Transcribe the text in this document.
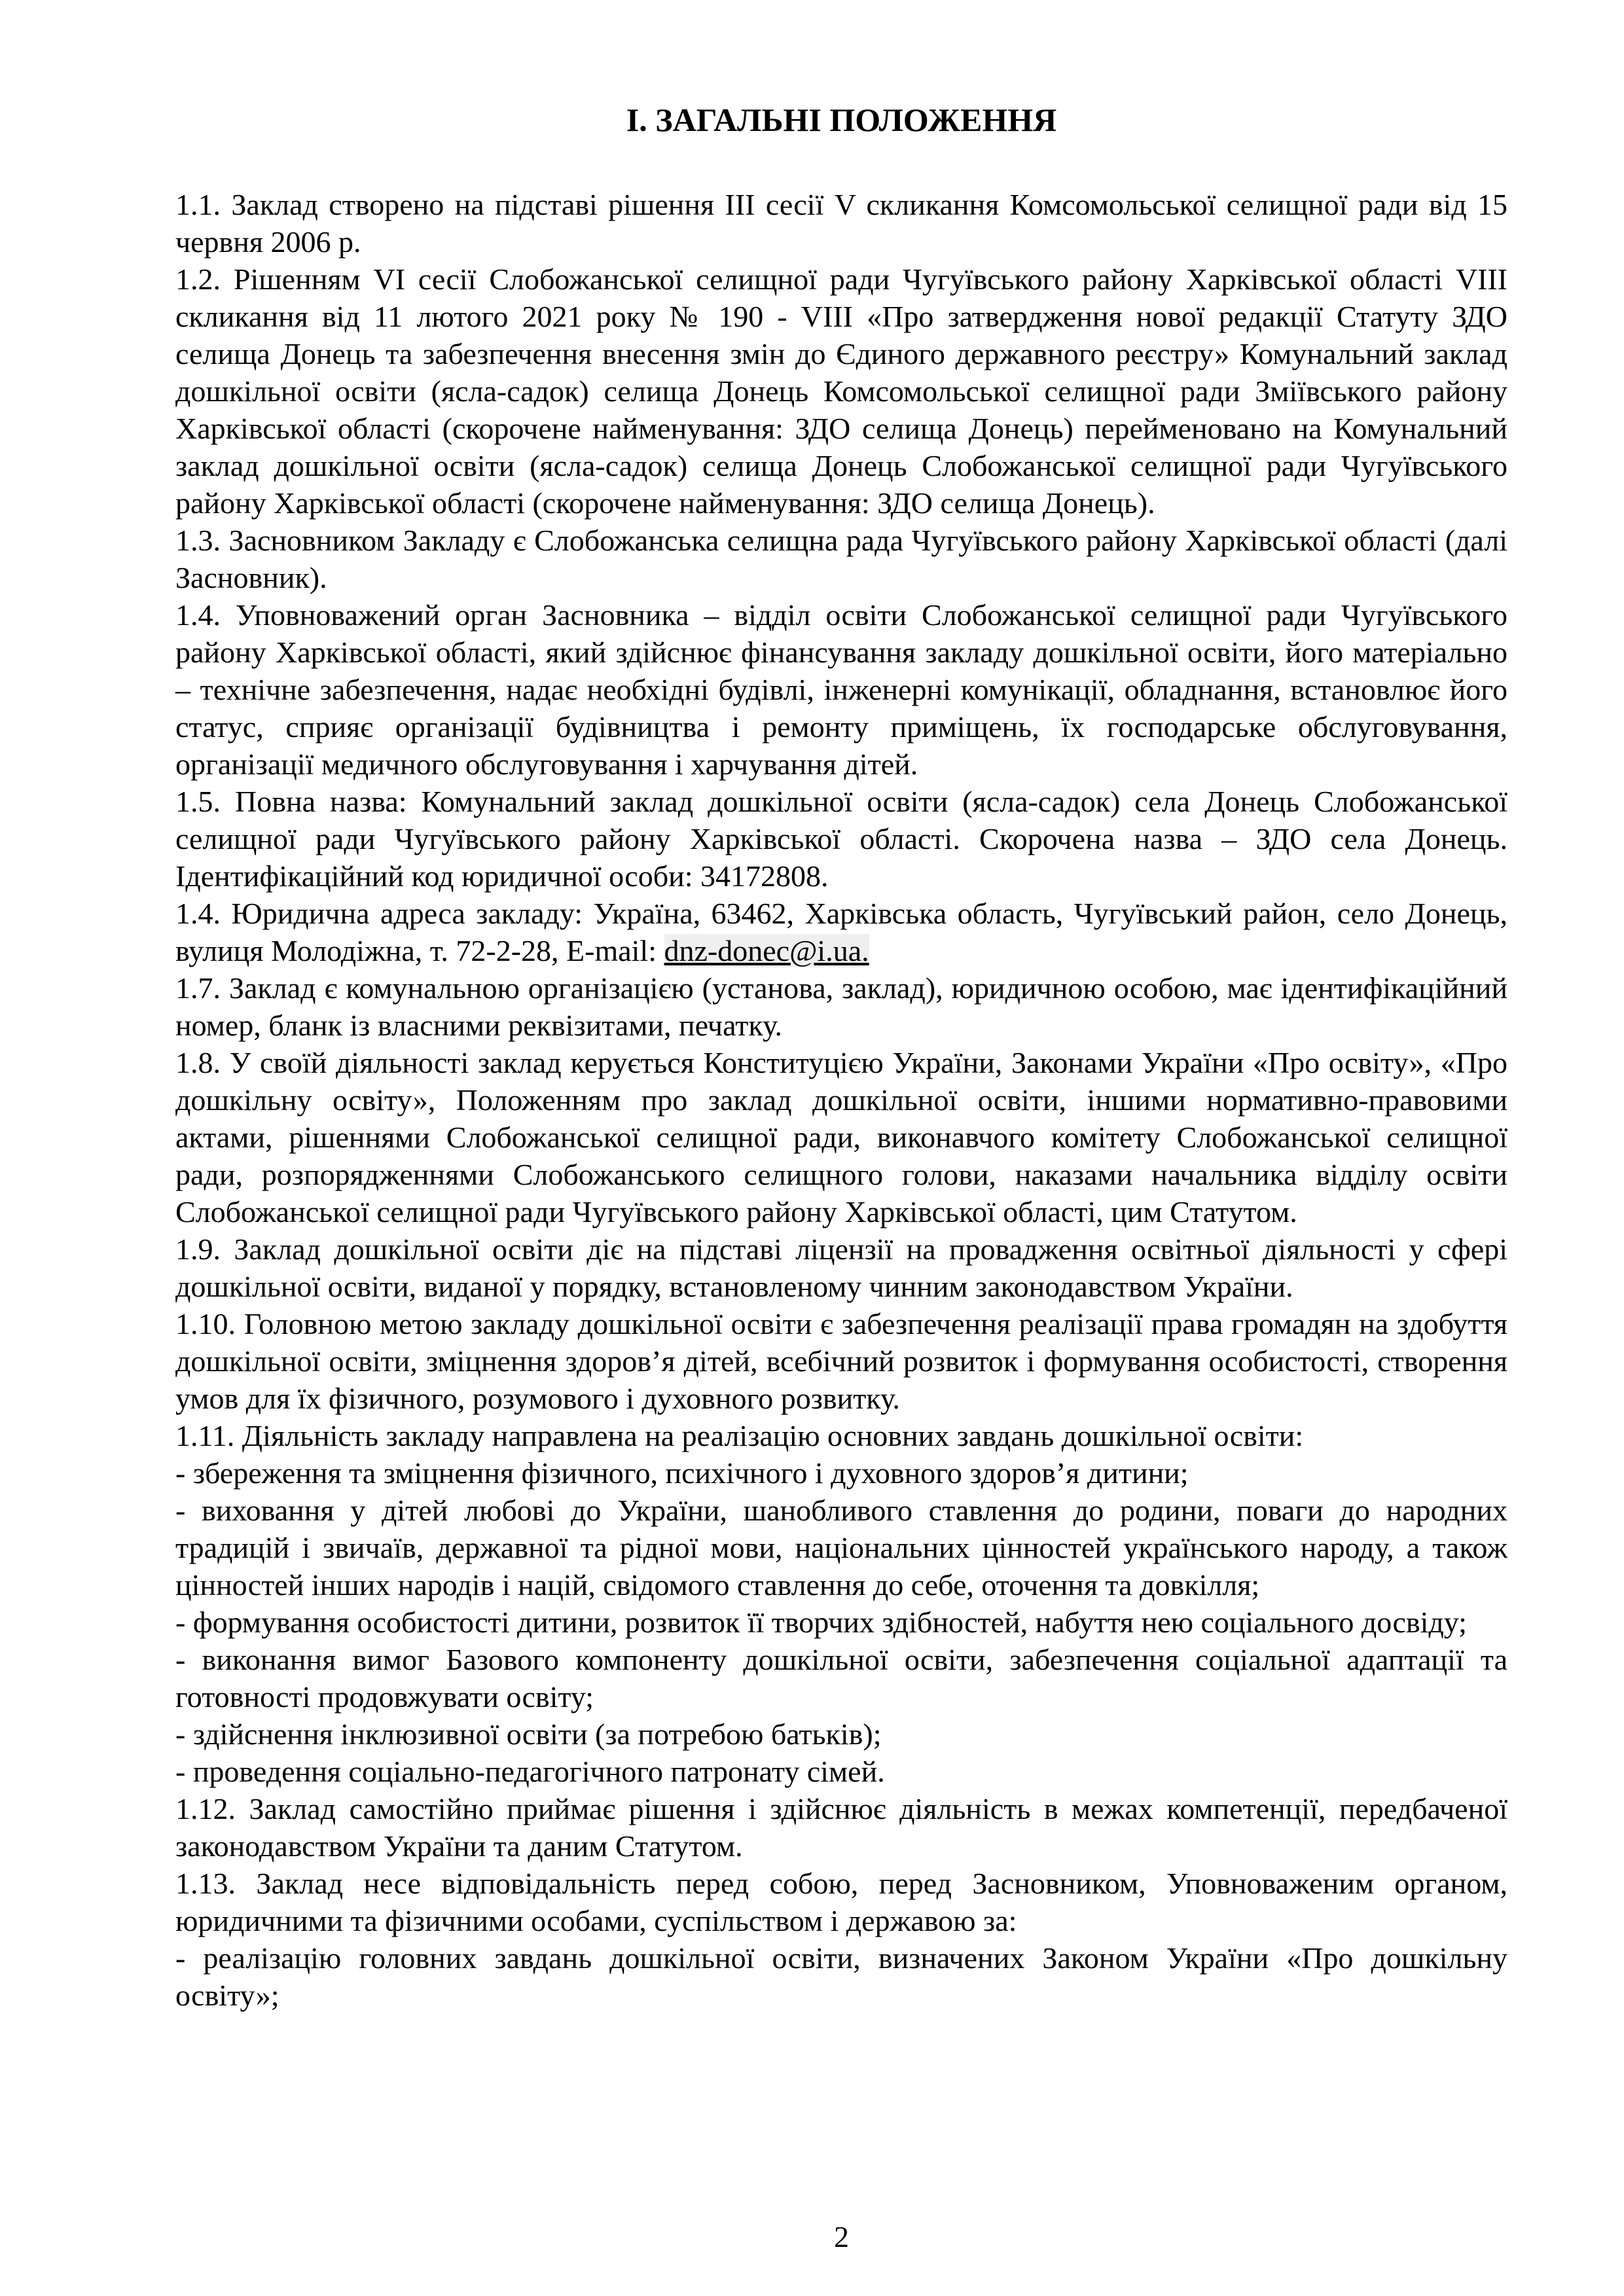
І. ЗАГАЛЬНІ ПОЛОЖЕННЯ

1.1. Заклад створено на підставі рішення ІІІ сесії V скликання Комсомольської селищної ради від 15 червня 2006 р.

1.2. Рішенням VI сесії Слобожанської селищної ради Чугуївського району Харківської області VIII скликання від 11 лютого 2021 року № 190 - VIII «Про затвердження нової редакції Статуту ЗДО селища Донець та забезпечення внесення змін до Єдиного державного реєстру» Комунальний заклад дошкільної освіти (ясла-садок) селища Донець Комсомольської селищної ради Зміївського району Харківської області (скорочене найменування: ЗДО селища Донець) перейменовано на Комунальний заклад дошкільної освіти (ясла-садок) селища Донець Слобожанської селищної ради Чугуївського району Харківської області (скорочене найменування: ЗДО селища Донець).

1.3. Засновником Закладу є Слобожанська селищна рада Чугуївського району Харківської області (далі Засновник).

1.4. Уповноважений орган Засновника – відділ освіти Слобожанської селищної ради Чугуївського району Харківської області, який здійснює фінансування закладу дошкільної освіти, його матеріально – технічне забезпечення, надає необхідні будівлі, інженерні комунікації, обладнання, встановлює його статус, сприяє організації будівництва і ремонту приміщень, їх господарське обслуговування, організації медичного обслуговування і харчування дітей.

1.5. Повна назва: Комунальний заклад дошкільної освіти (ясла-садок) села Донець Слобожанської селищної ради Чугуївського району Харківської області. Скорочена назва – ЗДО села Донець. Ідентифікаційний код юридичної особи: 34172808.

1.4. Юридична адреса закладу: Україна, 63462, Харківська область, Чугуївський район, село Донець, вулиця Молодіжна, т. 72-2-28, E-mail: dnz-donec@i.ua.

1.7. Заклад є комунальною організацією (установа, заклад), юридичною особою, має ідентифікаційний номер, бланк із власними реквізитами, печатку.

1.8. У своїй діяльності заклад керується Конституцією України, Законами України «Про освіту», «Про дошкільну освіту», Положенням про заклад дошкільної освіти, іншими нормативно-правовими актами, рішеннями Слобожанської селищної ради, виконавчого комітету Слобожанської селищної ради, розпорядженнями Слобожанського селищного голови, наказами начальника відділу освіти Слобожанської селищної ради Чугуївського району Харківської області, цим Статутом.

1.9. Заклад дошкільної освіти діє на підставі ліцензії на провадження освітньої діяльності у сфері дошкільної освіти, виданої у порядку, встановленому чинним законодавством України.

1.10. Головною метою закладу дошкільної освіти є забезпечення реалізації права громадян на здобуття дошкільної освіти, зміцнення здоров’я дітей, всебічний розвиток і формування особистості, створення умов для їх фізичного, розумового і духовного розвитку.

1.11. Діяльність закладу направлена на реалізацію основних завдань дошкільної освіти:

- збереження та зміцнення фізичного, психічного і духовного здоров’я дитини;

- виховання у дітей любові до України, шанобливого ставлення до родини, поваги до народних традицій і звичаїв, державної та рідної мови, національних цінностей українського народу, а також цінностей інших народів і націй, свідомого ставлення до себе, оточення та довкілля;

- формування особистості дитини, розвиток її творчих здібностей, набуття нею соціального досвіду;

- виконання вимог Базового компоненту дошкільної освіти, забезпечення соціальної адаптації та готовності продовжувати освіту;

- здійснення інклюзивної освіти (за потребою батьків);

- проведення соціально-педагогічного патронату сімей.

1.12. Заклад самостійно приймає рішення і здійснює діяльність в межах компетенції, передбаченої законодавством України та даним Статутом.

1.13. Заклад несе відповідальність перед собою, перед Засновником, Уповноваженим органом, юридичними та фізичними особами, суспільством і державою за:

- реалізацію головних завдань дошкільної освіти, визначених Законом України «Про дошкільну освіту»;

2
